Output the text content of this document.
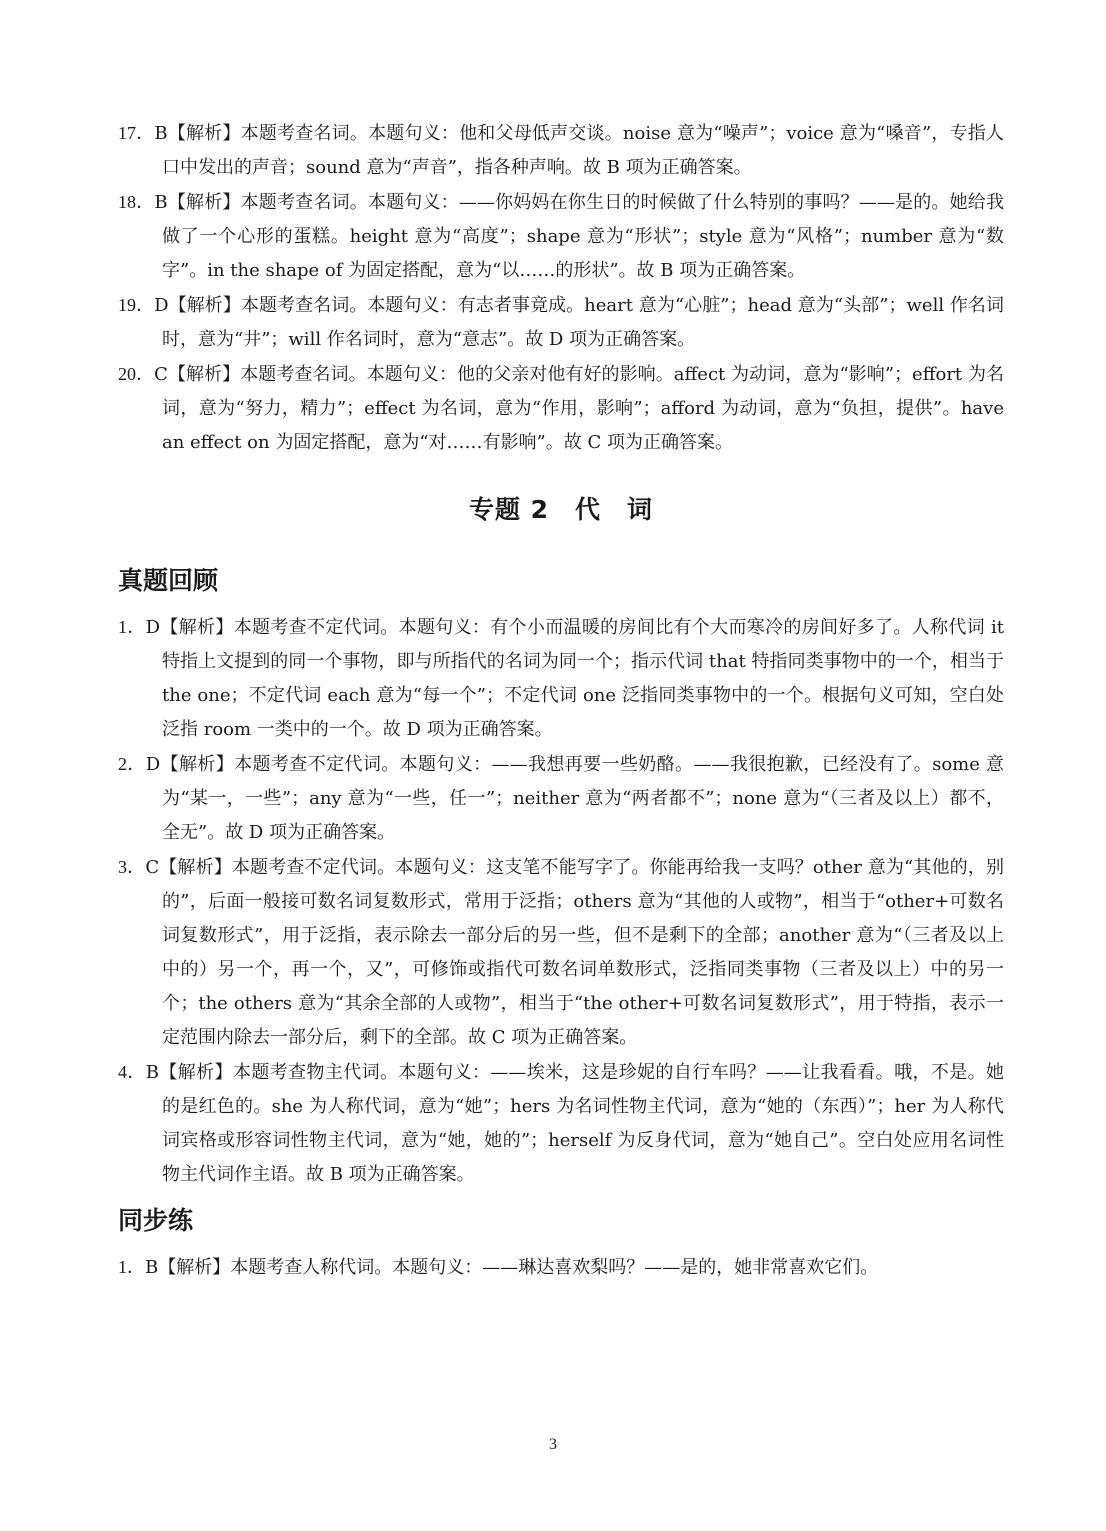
17．B【解析】本题考查名词。本题句义：他和父母低声交谈。noise 意为“噪声”；voice 意为“嗓音”，专指人口中发出的声音；sound 意为“声音”，指各种声响。故 B 项为正确答案。

18．B【解析】本题考查名词。本题句义：——你妈妈在你生日的时候做了什么特别的事吗？——是的。她给我做了一个心形的蛋糕。height 意为“高度”；shape 意为“形状”；style 意为“风格”；number 意为“数字”。in the shape of 为固定搭配，意为“以……的形状”。故 B 项为正确答案。

19．D【解析】本题考查名词。本题句义：有志者事竟成。heart 意为“心脏”；head 意为“头部”；well 作名词时，意为“井”；will 作名词时，意为“意志”。故 D 项为正确答案。

20．C【解析】本题考查名词。本题句义：他的父亲对他有好的影响。affect 为动词，意为“影响”；effort 为名词，意为“努力，精力”；effect 为名词，意为“作用，影响”；afford 为动词，意为“负担，提供”。have an effect on 为固定搭配，意为“对……有影响”。故 C 项为正确答案。

专题 2　代　词
真题回顾

1．D【解析】本题考查不定代词。本题句义：有个小而温暖的房间比有个大而寒冷的房间好多了。人称代词 it 特指上文提到的同一个事物，即与所指代的名词为同一个；指示代词 that 特指同类事物中的一个，相当于 the one；不定代词 each 意为“每一个”；不定代词 one 泛指同类事物中的一个。根据句义可知，空白处泛指 room 一类中的一个。故 D 项为正确答案。

2．D【解析】本题考查不定代词。本题句义：——我想再要一些奶酪。——我很抱歉，已经没有了。some 意为“某一，一些”；any 意为“一些，任一”；neither 意为“两者都不”；none 意为“（三者及以上）都不，全无”。故 D 项为正确答案。

3．C【解析】本题考查不定代词。本题句义：这支笔不能写字了。你能再给我一支吗？other 意为“其他的，别的”，后面一般接可数名词复数形式，常用于泛指；others 意为“其他的人或物”，相当于“other+可数名词复数形式”，用于泛指，表示除去一部分后的另一些，但不是剩下的全部；another 意为“（三者及以上中的）另一个，再一个，又”，可修饰或指代可数名词单数形式，泛指同类事物（三者及以上）中的另一个；the others 意为“其余全部的人或物”，相当于“the other+可数名词复数形式”，用于特指，表示一定范围内除去一部分后，剩下的全部。故 C 项为正确答案。

4．B【解析】本题考查物主代词。本题句义：——埃米，这是珍妮的自行车吗？——让我看看。哦，不是。她的是红色的。she 为人称代词，意为“她”；hers 为名词性物主代词，意为“她的（东西）”；her 为人称代词宾格或形容词性物主代词，意为“她，她的”；herself 为反身代词，意为“她自己”。空白处应用名词性物主代词作主语。故 B 项为正确答案。

同步练

1．B【解析】本题考查人称代词。本题句义：——琳达喜欢梨吗？——是的，她非常喜欢它们。

3
